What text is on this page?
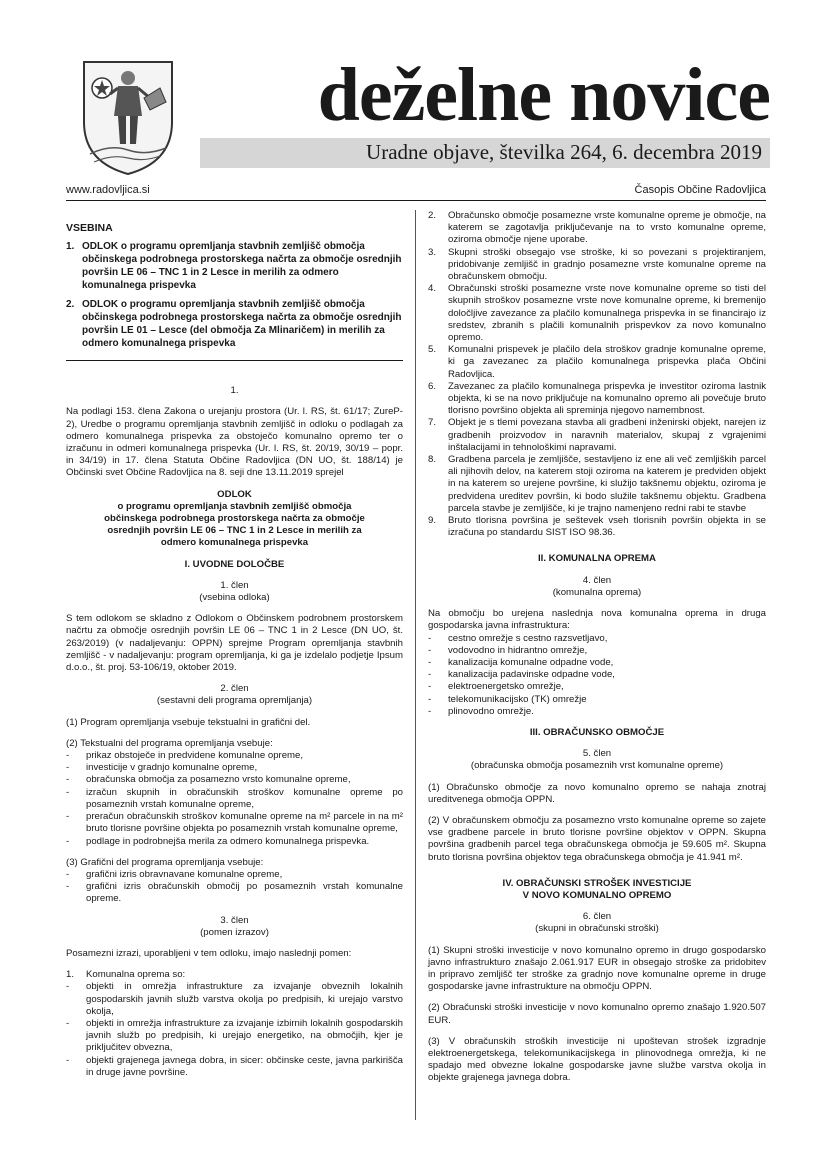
deželne novice
Uradne objave, številka 264, 6. decembra 2019
www.radovljica.si	Časopis Občine Radovljica
VSEBINA
1. ODLOK o programu opremljanja stavbnih zemljišč območja občinskega podrobnega prostorskega načrta za območje osrednjih površin LE 06 – TNC 1 in 2 Lesce in merilih za odmero komunalnega prispevka
2. ODLOK o programu opremljanja stavbnih zemljišč območja občinskega podrobnega prostorskega načrta za območje osrednjih površin LE 01 – Lesce (del območja Za Mlinaričem) in merilih za odmero komunalnega prispevka

1.

Na podlagi 153. člena Zakona o urejanju prostora (Ur. l. RS, št. 61/17; ZureP-2), Uredbe o programu opremljanja stavbnih zemljišč in odloku o podlagah za odmero komunalnega prispevka za obstoječo komunalno opremo ter o izračunu in odmeri komunalnega prispevka (Ur. l. RS, št. 20/19, 30/19 – popr. in 34/19) in 17. člena Statuta Občine Radovljica (DN UO, št. 188/14) je Občinski svet Občine Radovljica na 8. seji dne 13.11.2019 sprejel

ODLOK

o programu opremljanja stavbnih zemljišč območja občinskega podrobnega prostorskega načrta za območje osrednjih površin LE 06 – TNC 1 in 2 Lesce in merilih za odmero komunalnega prispevka

I. UVODNE DOLOČBE

1. člen

(vsebina odloka)

S tem odlokom se skladno z Odlokom o Občinskem podrobnem prostorskem načrtu za območje osrednjih površin LE 06 – TNC 1 in 2 Lesce (DN UO, št. 263/2019) (v nadaljevanju: OPPN) sprejme Program opremljanja stavbnih zemljišč - v nadaljevanju: program opremljanja, ki ga je izdelalo podjetje Ipsum d.o.o., št. proj. 53-106/19, oktober 2019.

2. člen

(sestavni deli programa opremljanja)

(1) Program opremljanja vsebuje tekstualni in grafični del.

(2) Tekstualni del programa opremljanja vsebuje:

-	prikaz obstoječe in predvidene komunalne opreme,
-	investicije v gradnjo komunalne opreme,
-	obračunska območja za posamezno vrsto komunalne opreme,
-	izračun skupnih in obračunskih stroškov komunalne opreme po posameznih vrstah komunalne opreme,
-	preračun obračunskih stroškov komunalne opreme na m² parcele in na m² bruto tlorisne površine objekta po posameznih vrstah komunalne opreme,
-	podlage in podrobnejša merila za odmero komunalnega prispevka.

(3) Grafični del programa opremljanja vsebuje:

-	grafični izris obravnavane komunalne opreme,
-	grafični izris obračunskih območij po posameznih vrstah komunalne opreme.

3. člen

(pomen izrazov)

Posamezni izrazi, uporabljeni v tem odloku, imajo naslednji pomen:

1.	Komunalna oprema so:
-	objekti in omrežja infrastrukture za izvajanje obveznih lokalnih gospodarskih javnih služb varstva okolja po predpisih, ki urejajo varstvo okolja,
-	objekti in omrežja infrastrukture za izvajanje izbirnih lokalnih gospodarskih javnih služb po predpisih, ki urejajo energetiko, na območjih, kjer je priključitev obvezna,
-	objekti grajenega javnega dobra, in sicer: občinske ceste, javna parkirišča in druge javne površine.
2.	Obračunsko območje posamezne vrste komunalne opreme je območje, na katerem se zagotavlja priključevanje na to vrsto komunalne opreme, oziroma območje njene uporabe.
3.	Skupni stroški obsegajo vse stroške, ki so povezani s projektiranjem, pridobivanje zemljišč in gradnjo posamezne vrste komunalne opreme na obračunskem območju.
4.	Obračunski stroški posamezne vrste nove komunalne opreme so tisti del skupnih stroškov posamezne vrste nove komunalne opreme, ki bremenijo določljive zavezance za plačilo komunalnega prispevka in se financirajo iz sredstev, zbranih s plačili komunalnih prispevkov za novo komunalno opremo.
5.	Komunalni prispevek je plačilo dela stroškov gradnje komunalne opreme, ki ga zavezanec za plačilo komunalnega prispevka plača Občini Radovljica.
6.	Zavezanec za plačilo komunalnega prispevka je investitor oziroma lastnik objekta, ki se na novo priključuje na komunalno opremo ali povečuje bruto tlorisno površino objekta ali spreminja njegovo namembnost.
7.	Objekt je s tlemi povezana stavba ali gradbeni inženirski objekt, narejen iz gradbenih proizvodov in naravnih materialov, skupaj z vgrajenimi inštalacijami in tehnološkimi napravami.
8.	Gradbena parcela je zemljišče, sestavljeno iz ene ali več zemljiških parcel ali njihovih delov, na katerem stoji oziroma na katerem je predviden objekt in na katerem so urejene površine, ki služijo takšnemu objektu, oziroma je predvidena ureditev površin, ki bodo služile takšnemu objektu. Gradbena parcela stavbe je zemljišče, ki je trajno namenjeno redni rabi te stavbe
9.	Bruto tlorisna površina je seštevek vseh tlorisnih površin objekta in se izračuna po standardu SIST ISO 98.36.

II. KOMUNALNA OPREMA

4. člen

(komunalna oprema)

Na območju bo urejena naslednja nova komunalna oprema in druga gospodarska javna infrastruktura:

-	cestno omrežje s cestno razsvetljavo,
-	vodovodno in hidrantno omrežje,
-	kanalizacija komunalne odpadne vode,
-	kanalizacija padavinske odpadne vode,
-	elektroenergetsko omrežje,
-	telekomunikacijsko (TK) omrežje
-	plinovodno omrežje.

III. OBRAČUNSKO OBMOČJE

5. člen

(obračunska območja posameznih vrst komunalne opreme)

(1) Obračunsko območje za novo komunalno opremo se nahaja znotraj ureditvenega območja OPPN.

(2) V obračunskem območju za posamezno vrsto komunalne opreme so zajete vse gradbene parcele in bruto tlorisne površine objektov v OPPN. Skupna površina gradbenih parcel tega obračunskega območja je 59.605 m². Skupna bruto tlorisna površina objektov tega obračunskega območja je 41.941 m².

IV. OBRAČUNSKI STROŠEK INVESTICIJE

V NOVO KOMUNALNO OPREMO

6. člen

(skupni in obračunski stroški)

(1) Skupni stroški investicije v novo komunalno opremo in drugo gospodarsko javno infrastrukturo znašajo 2.061.917 EUR in obsegajo stroške za pridobitev in pripravo zemljišč ter stroške za gradnjo nove komunalne opreme in druge gospodarske javne infrastrukture na območju OPPN.

(2) Obračunski stroški investicije v novo komunalno opremo znašajo 1.920.507 EUR.

(3) V obračunskih stroških investicije ni upoštevan strošek izgradnje elektroenergetskega, telekomunikacijskega in plinovodnega omrežja, ki ne spadajo med obvezne lokalne gospodarske javne službe varstva okolja in objekte grajenega javnega dobra.
